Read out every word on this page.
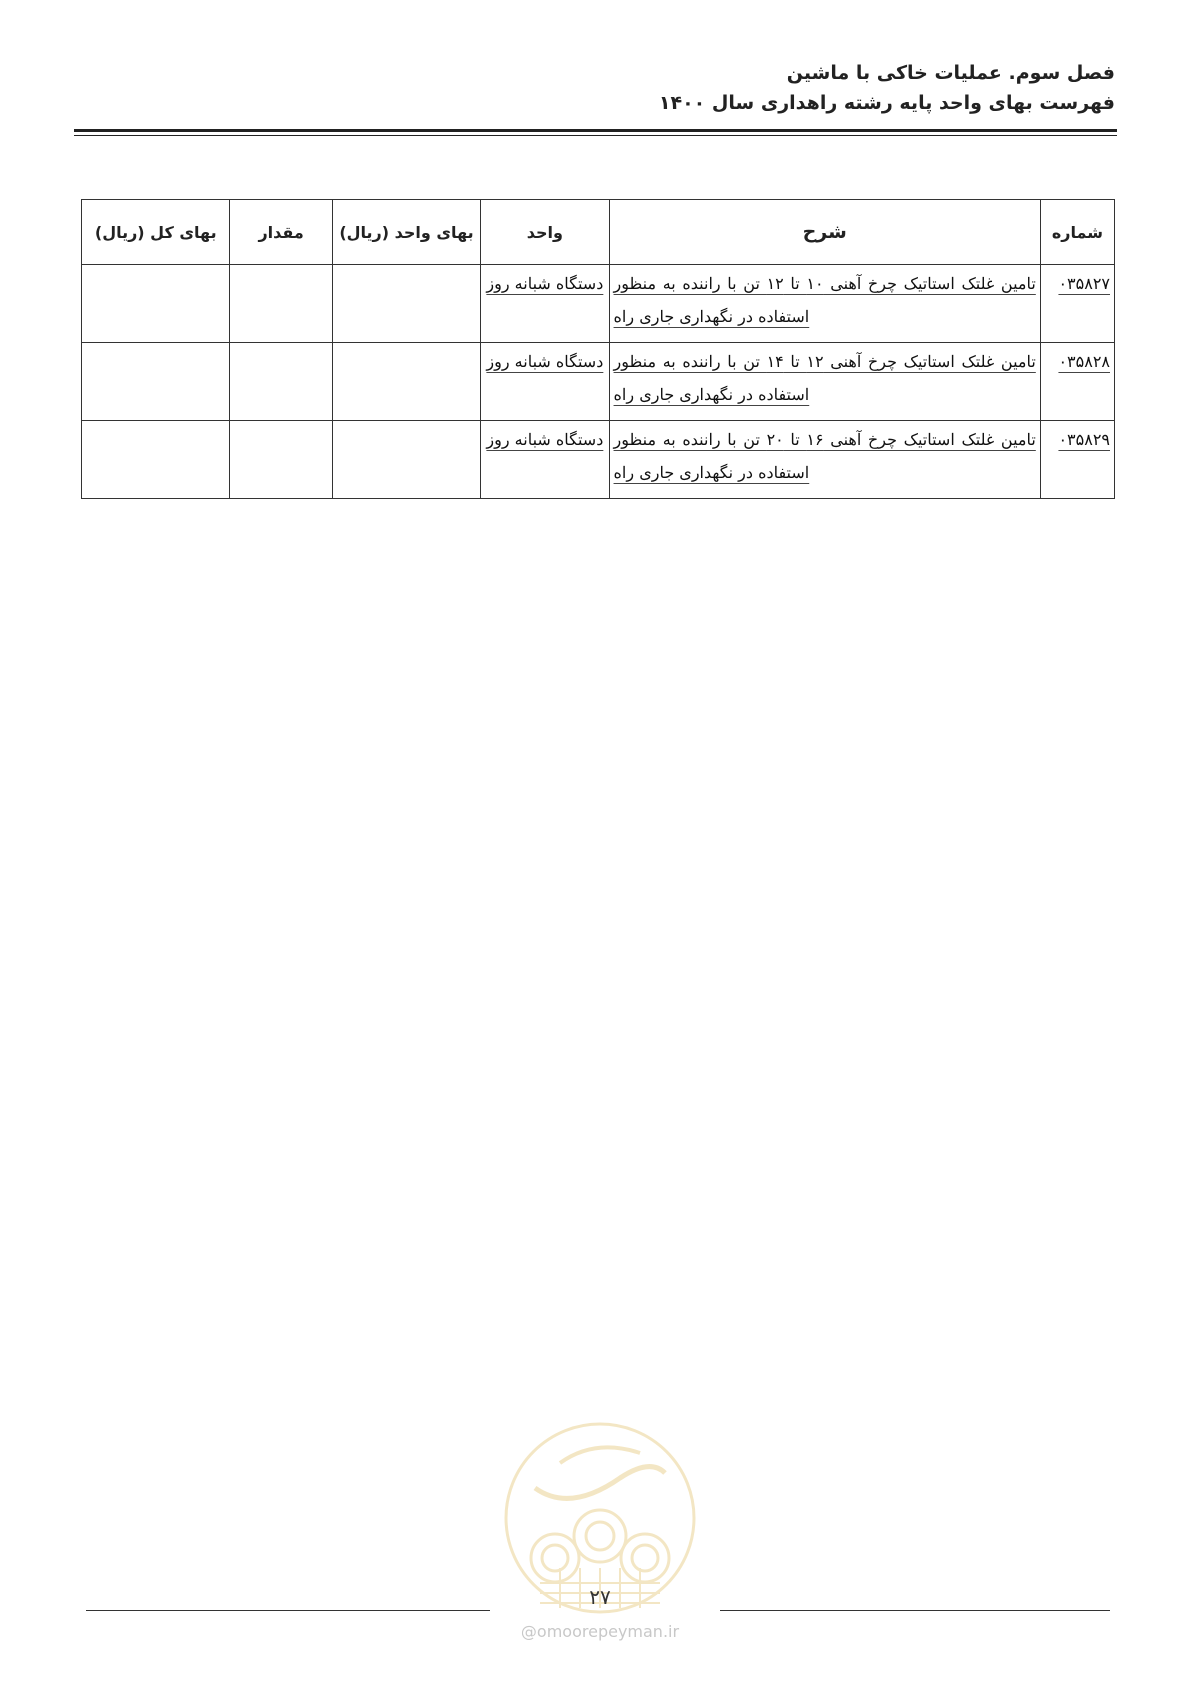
فصل سوم. عملیات خاکی با ماشین

فهرست بهای واحد پایه رشته راهداری سال ۱۴۰۰

شماره	شرح	واحد	بهای واحد (ریال)	مقدار	بهای کل (ریال)

۰۳۵۸۲۷	تامین غلتک استاتیک چرخ آهنی ۱۰ تا ۱۲ تن با راننده به منظور استفاده در نگهداری جاری راه	دستگاه شبانه روز			

۰۳۵۸۲۸	تامین غلتک استاتیک چرخ آهنی ۱۲ تا ۱۴ تن با راننده به منظور استفاده در نگهداری جاری راه	دستگاه شبانه روز			

۰۳۵۸۲۹	تامین غلتک استاتیک چرخ آهنی ۱۶ تا ۲۰ تن با راننده به منظور استفاده در نگهداری جاری راه	دستگاه شبانه روز			

@omoorepeyman.ir
۲۷
